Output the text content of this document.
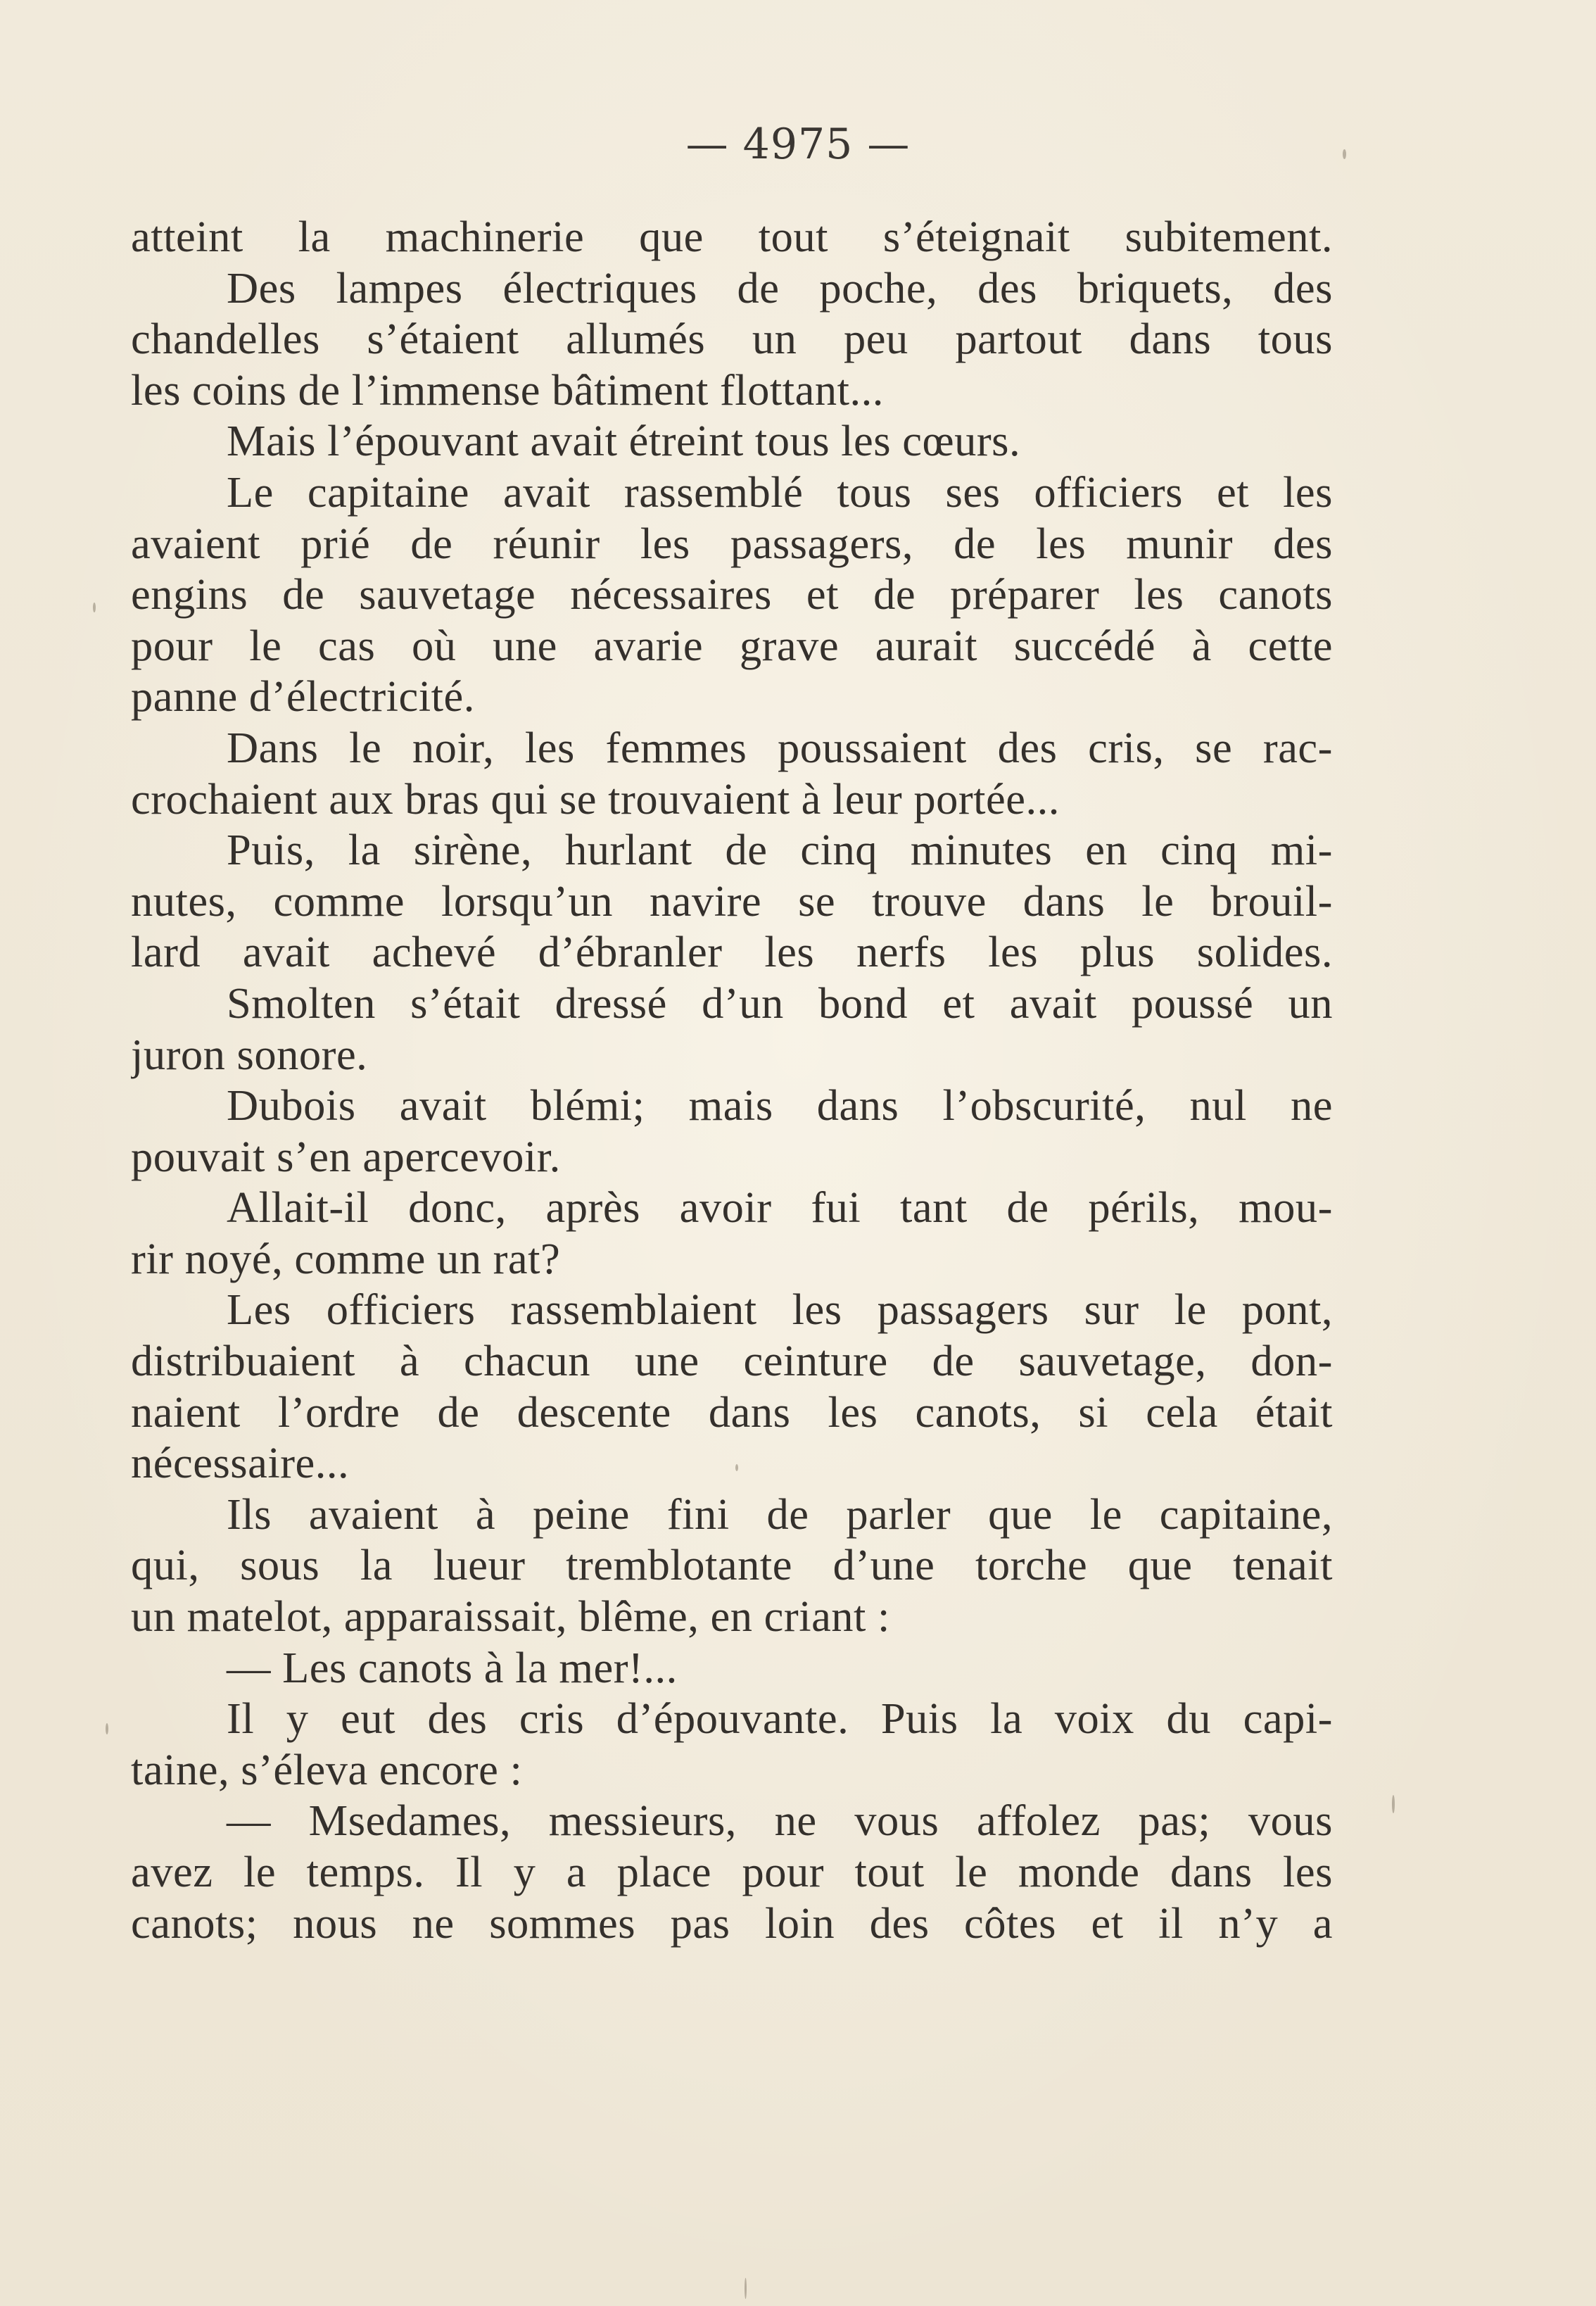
— 4975 —
atteint la machinerie que tout s’éteignait subitement.
Des lampes électriques de poche, des briquets, des
chandelles s’étaient allumés un peu partout dans tous
les coins de l’immense bâtiment flottant...
Mais l’épouvant avait étreint tous les cœurs.
Le capitaine avait rassemblé tous ses officiers et les
avaient prié de réunir les passagers, de les munir des
engins de sauvetage nécessaires et de préparer les canots
pour le cas où une avarie grave aurait succédé à cette
panne d’électricité.
Dans le noir, les femmes poussaient des cris, se rac-
crochaient aux bras qui se trouvaient à leur portée...
Puis, la sirène, hurlant de cinq minutes en cinq mi-
nutes, comme lorsqu’un navire se trouve dans le brouil-
lard avait achevé d’ébranler les nerfs les plus solides.
Smolten s’était dressé d’un bond et avait poussé un
juron sonore.
Dubois avait blémi; mais dans l’obscurité, nul ne
pouvait s’en apercevoir.
Allait-il donc, après avoir fui tant de périls, mou-
rir noyé, comme un rat?
Les officiers rassemblaient les passagers sur le pont,
distribuaient à chacun une ceinture de sauvetage, don-
naient l’ordre de descente dans les canots, si cela était
nécessaire...
Ils avaient à peine fini de parler que le capitaine,
qui, sous la lueur tremblotante d’une torche que tenait
un matelot, apparaissait, blême, en criant :
— Les canots à la mer!...
Il y eut des cris d’épouvante. Puis la voix du capi-
taine, s’éleva encore :
— Msedames, messieurs, ne vous affolez pas; vous
avez le temps. Il y a place pour tout le monde dans les
canots; nous ne sommes pas loin des côtes et il n’y a
